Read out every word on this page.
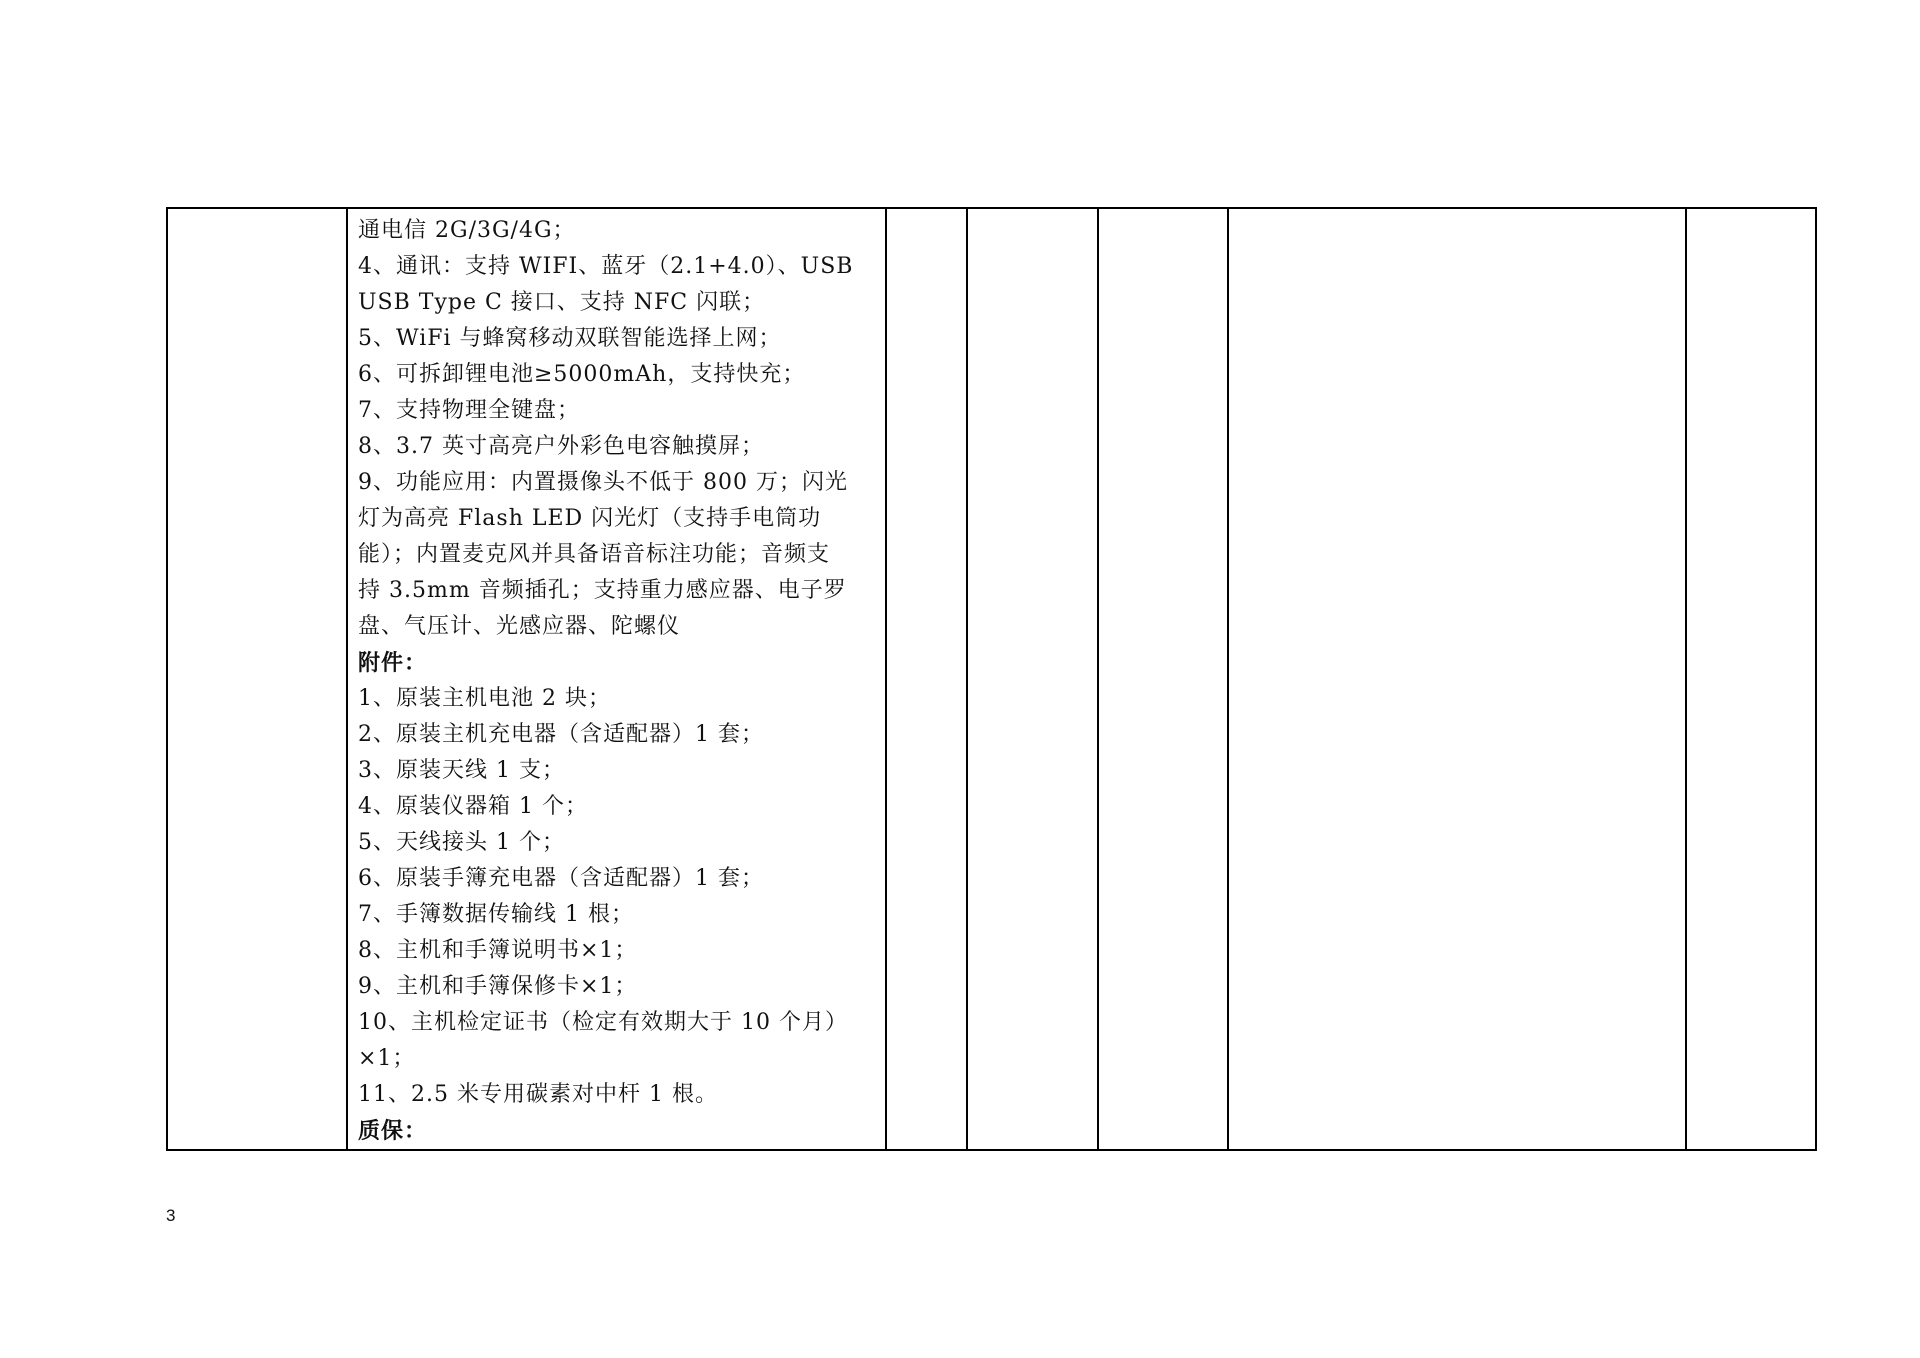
通电信 2G/3G/4G；
4、通讯：支持 WIFI、蓝牙（2.1+4.0）、USB
USB Type C 接口、支持 NFC 闪联；
5、WiFi 与蜂窝移动双联智能选择上网；
6、可拆卸锂电池≥5000mAh，支持快充；
7、支持物理全键盘；
8、3.7 英寸高亮户外彩色电容触摸屏；
9、功能应用：内置摄像头不低于 800 万；闪光
灯为高亮 Flash LED 闪光灯（支持手电筒功
能）；内置麦克风并具备语音标注功能；音频支
持 3.5mm 音频插孔；支持重力感应器、电子罗
盘、气压计、光感应器、陀螺仪
附件：
1、原装主机电池 2 块；
2、原装主机充电器（含适配器）1 套；
3、原装天线 1 支；
4、原装仪器箱 1 个；
5、天线接头 1 个；
6、原装手簿充电器（含适配器）1 套；
7、手簿数据传输线 1 根；
8、主机和手簿说明书×1；
9、主机和手簿保修卡×1；
10、主机检定证书（检定有效期大于 10 个月）
×1；
11、2.5 米专用碳素对中杆 1 根。
质保：

3
